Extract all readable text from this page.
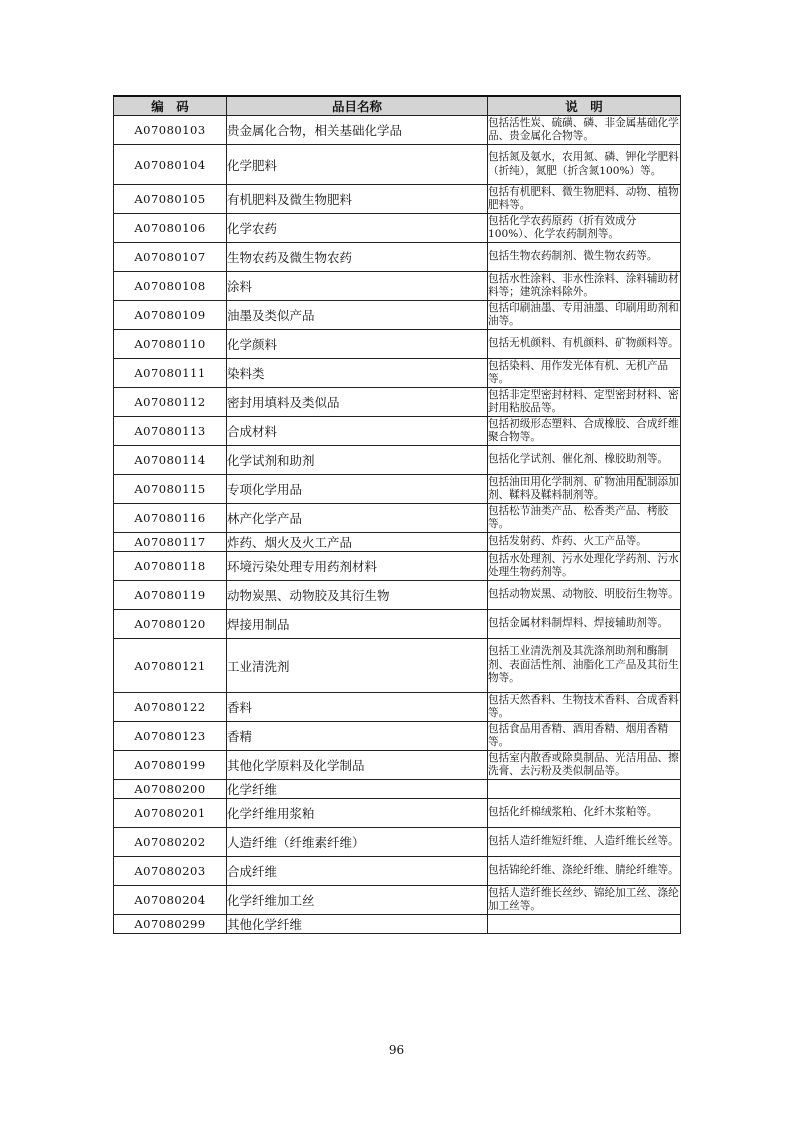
编　码	品目名称	说　明
A07080103	贵金属化合物，相关基础化学品	包括活性炭、硫磺、磷、非金属基础化学品、贵金属化合物等。
A07080104	化学肥料	包括氮及氨水，农用氮、磷、钾化学肥料（折纯），氮肥（折含氮100%）等。
A07080105	有机肥料及微生物肥料	包括有机肥料、微生物肥料、动物、植物肥料等。
A07080106	化学农药	包括化学农药原药（折有效成分100%）、化学农药制剂等。
A07080107	生物农药及微生物农药	包括生物农药制剂、微生物农药等。
A07080108	涂料	包括水性涂料、非水性涂料、涂料辅助材料等；建筑涂料除外。
A07080109	油墨及类似产品	包括印刷油墨、专用油墨、印刷用助剂和油等。
A07080110	化学颜料	包括无机颜料、有机颜料、矿物颜料等。
A07080111	染料类	包括染料、用作发光体有机、无机产品等。
A07080112	密封用填料及类似品	包括非定型密封材料、定型密封材料、密封用粘胶品等。
A07080113	合成材料	包括初级形态塑料、合成橡胶、合成纤维聚合物等。
A07080114	化学试剂和助剂	包括化学试剂、催化剂、橡胶助剂等。
A07080115	专项化学用品	包括油田用化学制剂、矿物油用配制添加剂、鞣料及鞣料制剂等。
A07080116	林产化学产品	包括松节油类产品、松香类产品、栲胶等。
A07080117	炸药、烟火及火工产品	包括发射药、炸药、火工产品等。
A07080118	环境污染处理专用药剂材料	包括水处理剂、污水处理化学药剂、污水处理生物药剂等。
A07080119	动物炭黑、动物胶及其衍生物	包括动物炭黑、动物胶、明胶衍生物等。
A07080120	焊接用制品	包括金属材料制焊料、焊接辅助剂等。
A07080121	工业清洗剂	包括工业清洗剂及其洗涤剂助剂和酶制剂、表面活性剂、油脂化工产品及其衍生物等。
A07080122	香料	包括天然香料、生物技术香料、合成香料等。
A07080123	香精	包括食品用香精、酒用香精、烟用香精等。
A07080199	其他化学原料及化学制品	包括室内散香或除臭制品、光洁用品、擦洗膏、去污粉及类似制品等。
A07080200	化学纤维	
A07080201	化学纤维用浆粕	包括化纤棉绒浆粕、化纤木浆粕等。
A07080202	人造纤维（纤维素纤维）	包括人造纤维短纤维、人造纤维长丝等。
A07080203	合成纤维	包括锦纶纤维、涤纶纤维、腈纶纤维等。
A07080204	化学纤维加工丝	包括人造纤维长丝纱、锦纶加工丝、涤纶加工丝等。
A07080299	其他化学纤维	
96
